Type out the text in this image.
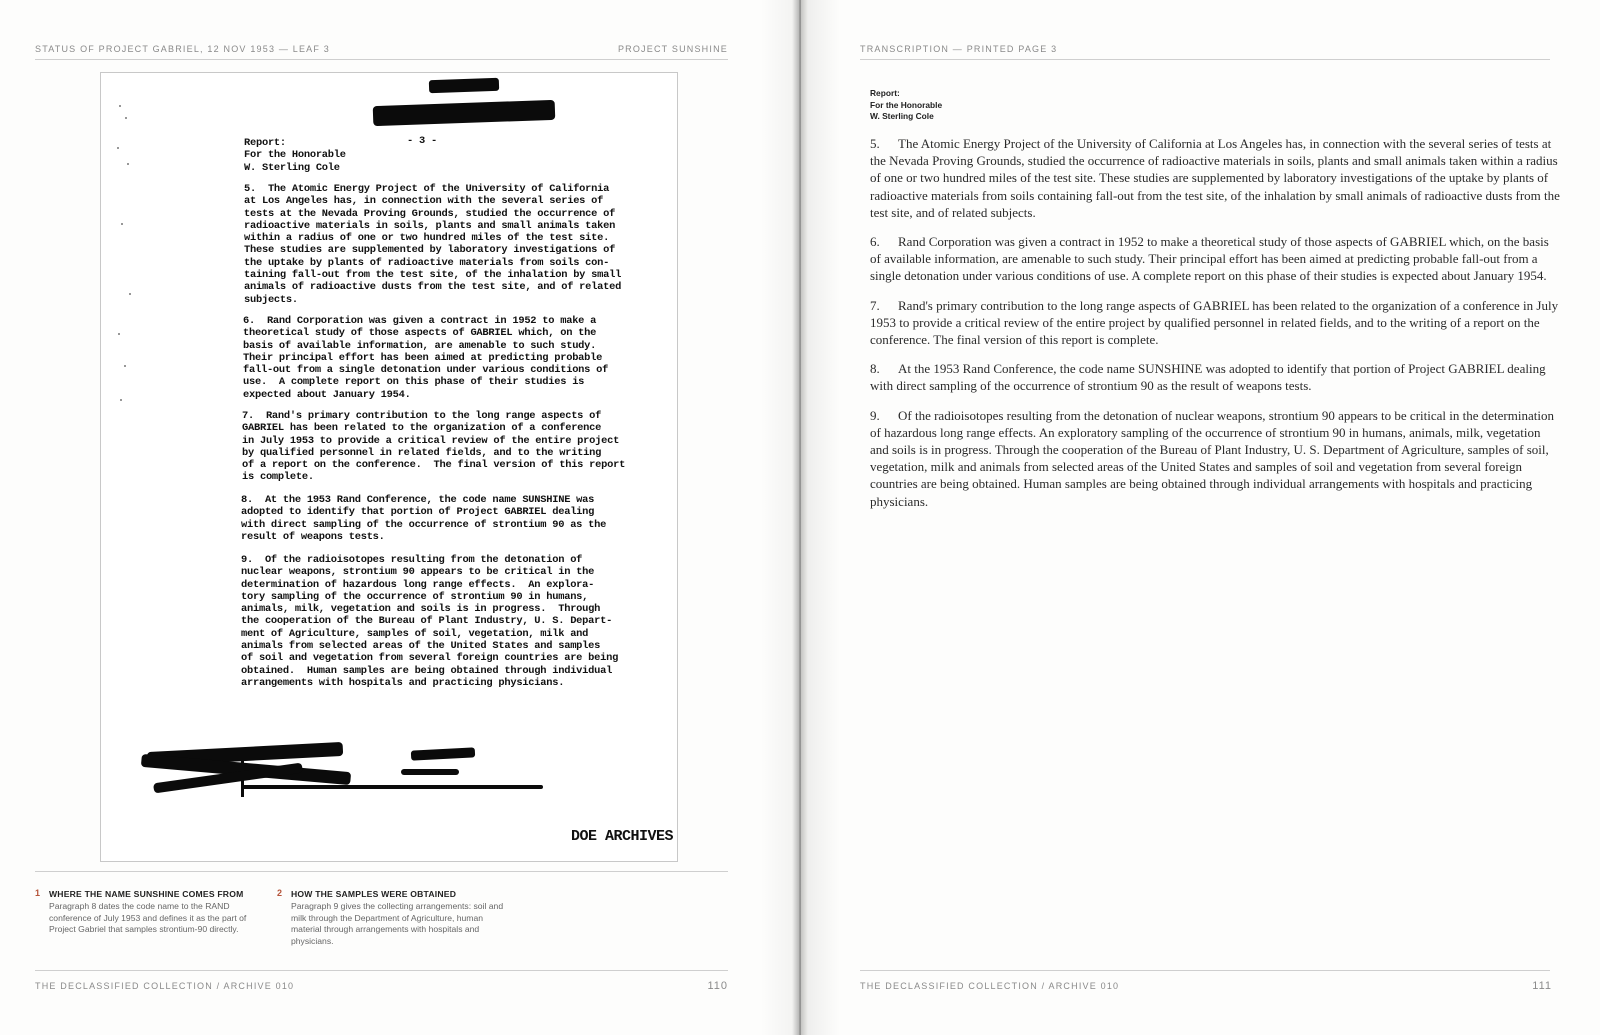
STATUS OF PROJECT GABRIEL, 12 NOV 1953 — LEAF 3	PROJECT SUNSHINE
- 3 -
Report:
For the Honorable
W. Sterling Cole
5.  The Atomic Energy Project of the University of California
at Los Angeles has, in connection with the several series of
tests at the Nevada Proving Grounds, studied the occurrence of
radioactive materials in soils, plants and small animals taken
within a radius of one or two hundred miles of the test site.
These studies are supplemented by laboratory investigations of
the uptake by plants of radioactive materials from soils con-
taining fall-out from the test site, of the inhalation by small
animals of radioactive dusts from the test site, and of related
subjects.
6.  Rand Corporation was given a contract in 1952 to make a
theoretical study of those aspects of GABRIEL which, on the
basis of available information, are amenable to such study.
Their principal effort has been aimed at predicting probable
fall-out from a single detonation under various conditions of
use.  A complete report on this phase of their studies is
expected about January 1954.
7.  Rand's primary contribution to the long range aspects of
GABRIEL has been related to the organization of a conference
in July 1953 to provide a critical review of the entire project
by qualified personnel in related fields, and to the writing
of a report on the conference.  The final version of this report
is complete.
8.  At the 1953 Rand Conference, the code name SUNSHINE was
adopted to identify that portion of Project GABRIEL dealing
with direct sampling of the occurrence of strontium 90 as the
result of weapons tests.
9.  Of the radioisotopes resulting from the detonation of
nuclear weapons, strontium 90 appears to be critical in the
determination of hazardous long range effects.  An explora-
tory sampling of the occurrence of strontium 90 in humans,
animals, milk, vegetation and soils is in progress.  Through
the cooperation of the Bureau of Plant Industry, U. S. Depart-
ment of Agriculture, samples of soil, vegetation, milk and
animals from selected areas of the United States and samples
of soil and vegetation from several foreign countries are being
obtained.  Human samples are being obtained through individual
arrangements with hospitals and practicing physicians.
DOE ARCHIVES
1 WHERE THE NAME SUNSHINE COMES FROM
Paragraph 8 dates the code name to the RAND conference of July 1953 and defines it as the part of Project Gabriel that samples strontium-90 directly.
2 HOW THE SAMPLES WERE OBTAINED
Paragraph 9 gives the collecting arrangements: soil and milk through the Department of Agriculture, human material through arrangements with hospitals and physicians.
THE DECLASSIFIED COLLECTION / ARCHIVE 010	110
TRANSCRIPTION — PRINTED PAGE 3
THE DECLASSIFIED COLLECTION / ARCHIVE 010	111
Report:
For the Honorable
W. Sterling Cole

5. The Atomic Energy Project of the University of California at Los Angeles has, in connection with the several series of tests at the Nevada Proving Grounds, studied the occurrence of radioactive materials in soils, plants and small animals taken within a radius of one or two hundred miles of the test site. These studies are supplemented by laboratory investigations of the uptake by plants of radioactive materials from soils containing fall-out from the test site, of the inhalation by small animals of radioactive dusts from the test site, and of related subjects.

6. Rand Corporation was given a contract in 1952 to make a theoretical study of those aspects of GABRIEL which, on the basis of available information, are amenable to such study. Their principal effort has been aimed at predicting probable fall-out from a single detonation under various conditions of use. A complete report on this phase of their studies is expected about January 1954.

7. Rand's primary contribution to the long range aspects of GABRIEL has been related to the organization of a conference in July 1953 to provide a critical review of the entire project by qualified personnel in related fields, and to the writing of a report on the conference. The final version of this report is complete.

8. At the 1953 Rand Conference, the code name SUNSHINE was adopted to identify that portion of Project GABRIEL dealing with direct sampling of the occurrence of strontium 90 as the result of weapons tests.

9. Of the radioisotopes resulting from the detonation of nuclear weapons, strontium 90 appears to be critical in the determination of hazardous long range effects. An exploratory sampling of the occurrence of strontium 90 in humans, animals, milk, vegetation and soils is in progress. Through the cooperation of the Bureau of Plant Industry, U. S. Department of Agriculture, samples of soil, vegetation, milk and animals from selected areas of the United States and samples of soil and vegetation from several foreign countries are being obtained. Human samples are being obtained through individual arrangements with hospitals and practicing physicians.
